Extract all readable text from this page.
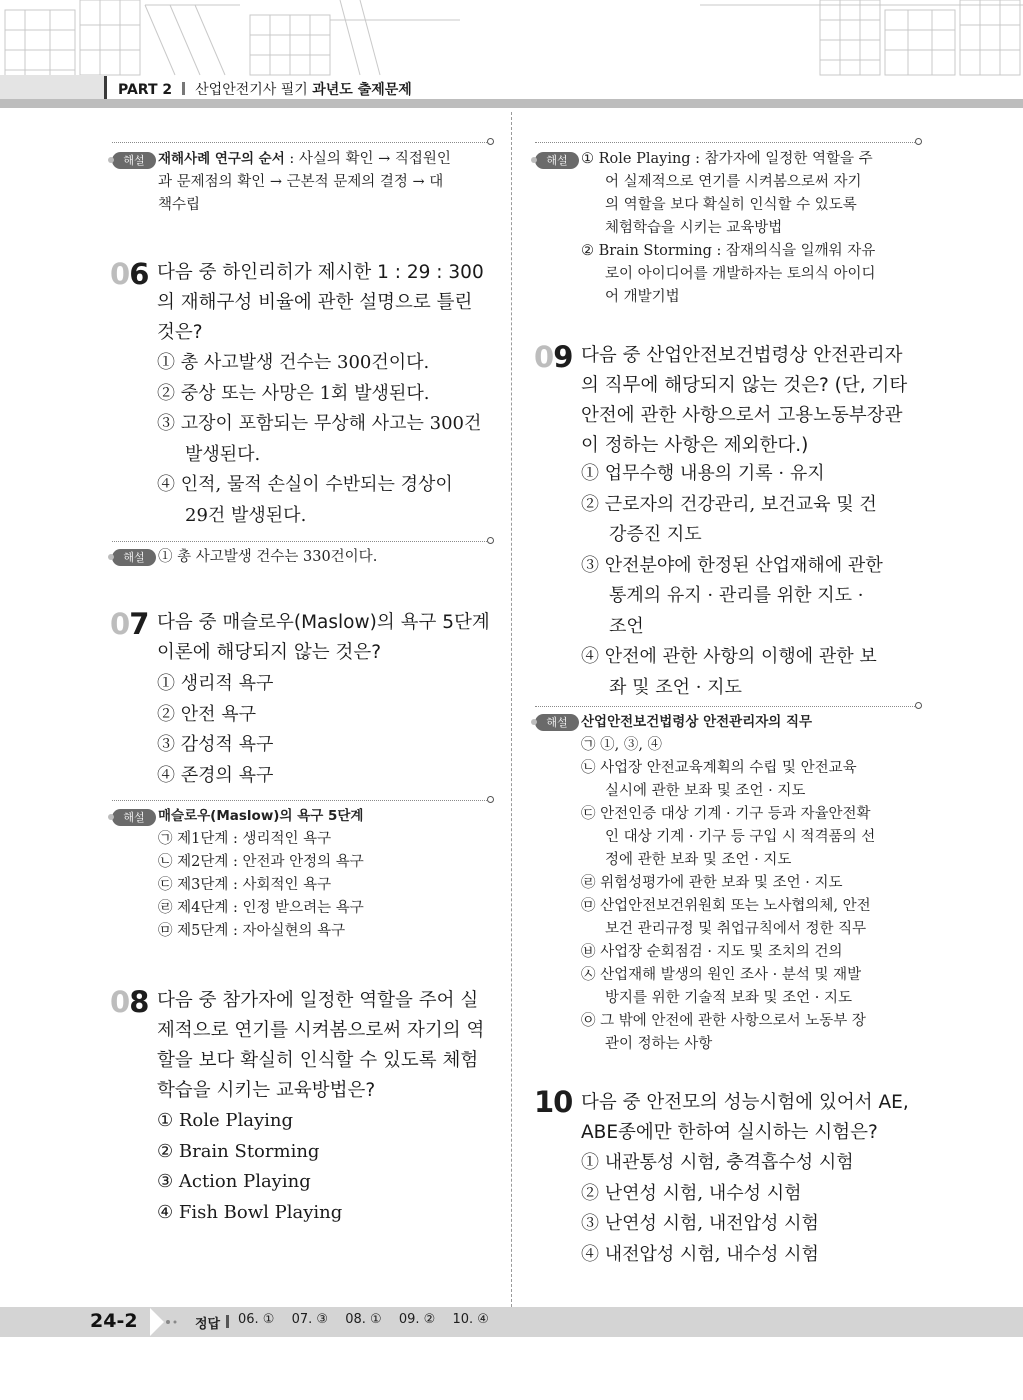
PART 2 산업안전기사 필기 과년도 출제문제
해설 재해사례 연구의 순서 : 사실의 확인 → 직접원인
과 문제점의 확인 → 근본적 문제의 결정 → 대
책수립
06 다음 중 하인리히가 제시한 1 : 29 : 300
의 재해구성 비율에 관한 설명으로 틀린
것은?
① 총 사고발생 건수는 300건이다.
② 중상 또는 사망은 1회 발생된다.
③ 고장이 포함되는 무상해 사고는 300건
발생된다.
④ 인적, 물적 손실이 수반되는 경상이
29건 발생된다.
해설 ① 총 사고발생 건수는 330건이다.
07 다음 중 매슬로우(Maslow)의 욕구 5단계
이론에 해당되지 않는 것은?
① 생리적 욕구
② 안전 욕구
③ 감성적 욕구
④ 존경의 욕구
해설 매슬로우(Maslow)의 욕구 5단계
㉠ 제1단계 : 생리적인 욕구
㉡ 제2단계 : 안전과 안정의 욕구
㉢ 제3단계 : 사회적인 욕구
㉣ 제4단계 : 인정 받으려는 욕구
㉤ 제5단계 : 자아실현의 욕구
08 다음 중 참가자에 일정한 역할을 주어 실
제적으로 연기를 시켜봄으로써 자기의 역
할을 보다 확실히 인식할 수 있도록 체험
학습을 시키는 교육방법은?
① Role Playing
② Brain Storming
③ Action Playing
④ Fish Bowl Playing
해설 ① Role Playing : 참가자에 일정한 역할을 주
어 실제적으로 연기를 시켜봄으로써 자기
의 역할을 보다 확실히 인식할 수 있도록
체험학습을 시키는 교육방법
② Brain Storming : 잠재의식을 일깨워 자유
로이 아이디어를 개발하자는 토의식 아이디
어 개발기법
09 다음 중 산업안전보건법령상 안전관리자
의 직무에 해당되지 않는 것은? (단, 기타
안전에 관한 사항으로서 고용노동부장관
이 정하는 사항은 제외한다.)
① 업무수행 내용의 기록 · 유지
② 근로자의 건강관리, 보건교육 및 건
강증진 지도
③ 안전분야에 한정된 산업재해에 관한
통계의 유지 · 관리를 위한 지도 ·
조언
④ 안전에 관한 사항의 이행에 관한 보
좌 및 조언 · 지도
해설 산업안전보건법령상 안전관리자의 직무
㉠ ①, ③, ④
㉡ 사업장 안전교육계획의 수립 및 안전교육
실시에 관한 보좌 및 조언 · 지도
㉢ 안전인증 대상 기계 · 기구 등과 자율안전확
인 대상 기계 · 기구 등 구입 시 적격품의 선
정에 관한 보좌 및 조언 · 지도
㉣ 위험성평가에 관한 보좌 및 조언 · 지도
㉤ 산업안전보건위원회 또는 노사협의체, 안전
보건 관리규정 및 취업규칙에서 정한 직무
㉥ 사업장 순회점검 · 지도 및 조치의 건의
㉦ 산업재해 발생의 원인 조사 · 분석 및 재발
방지를 위한 기술적 보좌 및 조언 · 지도
㉧ 그 밖에 안전에 관한 사항으로서 노동부 장
관이 정하는 사항
10 다음 중 안전모의 성능시험에 있어서 AE,
ABE종에만 한하여 실시하는 시험은?
① 내관통성 시험, 충격흡수성 시험
② 난연성 시험, 내수성 시험
③ 난연성 시험, 내전압성 시험
④ 내전압성 시험, 내수성 시험
24-2	정답 06. ① 07. ③ 08. ① 09. ② 10. ④
